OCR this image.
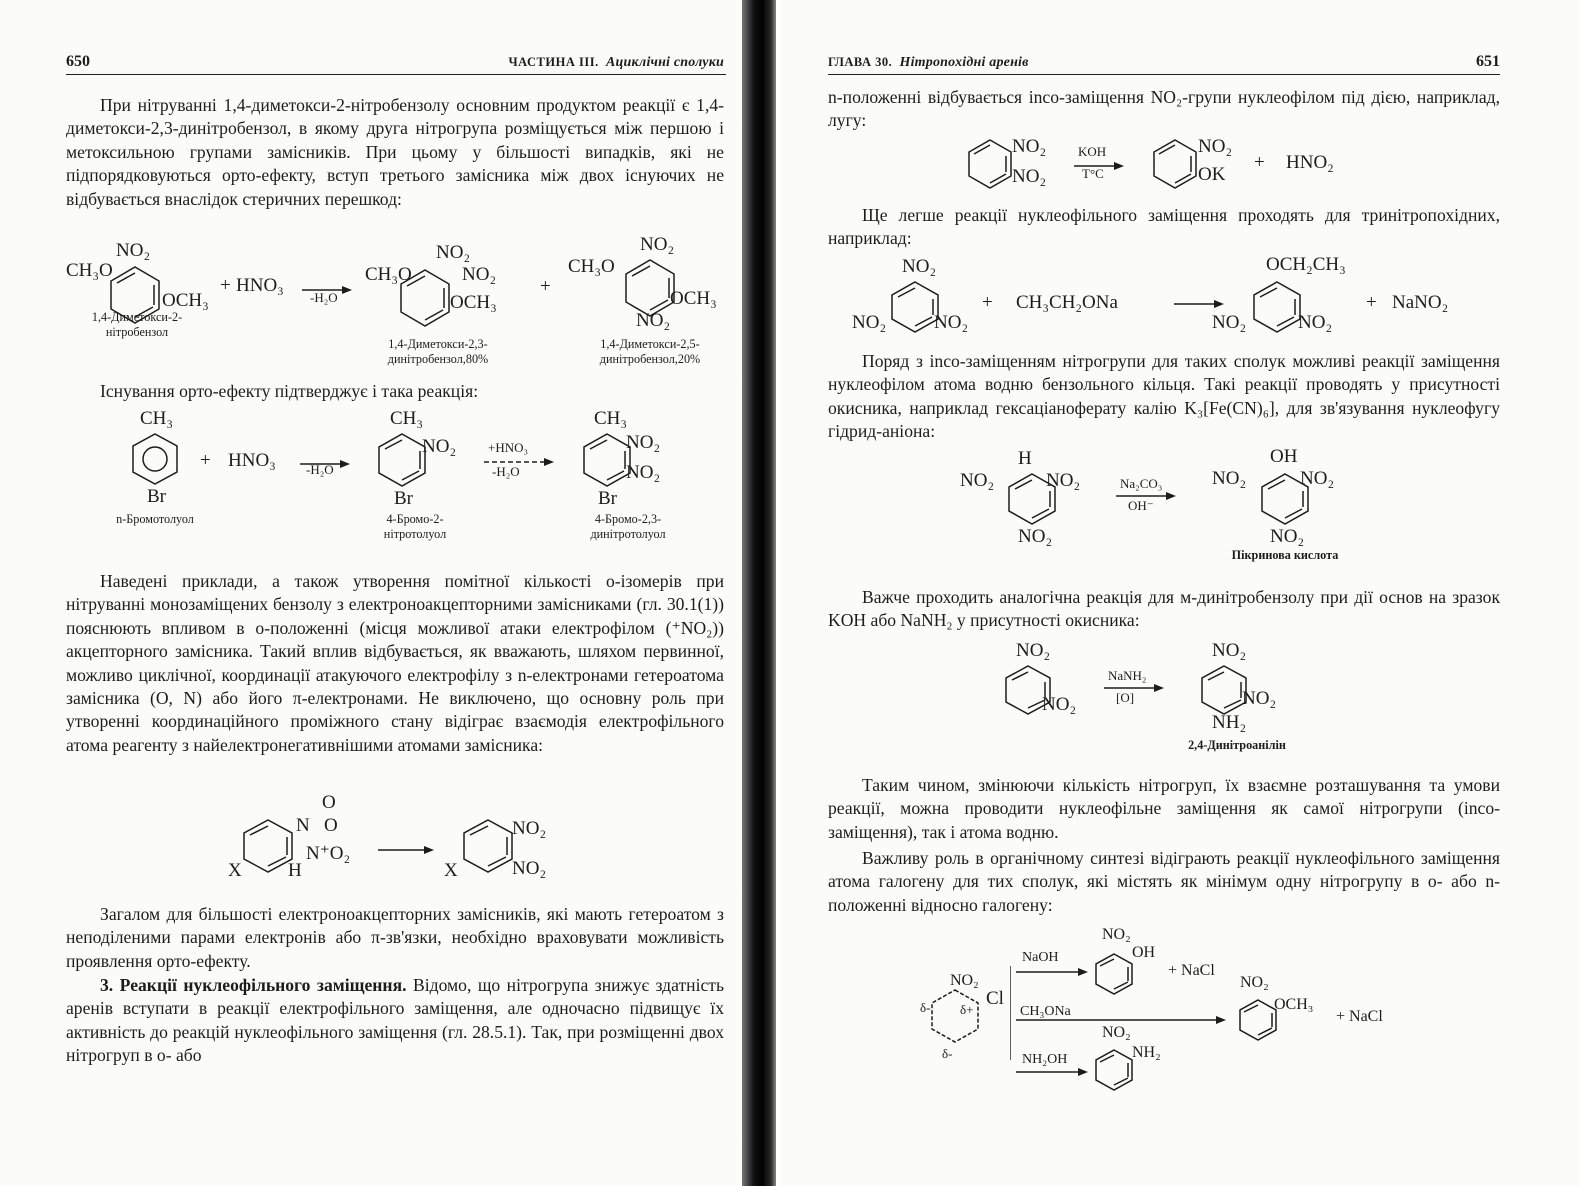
650	ЧАСТИНА III. Ациклічні сполуки

При нітруванні 1,4-диметокси-2-нітробензолу основним продуктом реакції є 1,4-диметокси-2,3-динітробензол, в якому друга нітрогрупа розміщується між першою і метоксильною групами замісників. При цьому у більшості випадків, які не підпорядковуються орто-ефекту, вступ третього замісника між двох існуючих не відбувається внаслідок стеричних перешкод:

NO₂
CH₃O
OCH₃
+ HNO₃ →
-H₂O
1,4-Диметокси-2-нітробензол
NO₂
NO₂
CH₃O
OCH₃
1,4-Диметокси-2,3-динітробензол,80%
+
NO₂
CH₃O
OCH₃
NO₂
1,4-Диметокси-2,5-динітробензол,20%

Існування орто-ефекту підтверджує і така реакція:

CH₃
Br
n-Бромотолуол
+ HNO₃ -H₂O
CH₃
NO₂
Br
4-Бромо-2-нітротолуол
+HNO₃
-H₂O
CH₃
NO₂
NO₂
Br
4-Бромо-2,3-динітротолуол

Наведені приклади, а також утворення помітної кількості o-ізомерів при нітруванні монозаміщених бензолу з електроноакцепторними замісниками (гл. 30.1(1)) пояснюють впливом в o-положенні (місця можливої атаки електрофілом (⁺NO₂)) акцепторного замісника. Такий вплив відбувається, як вважають, шляхом первинної, можливо циклічної, координації атакуючого електрофілу з n-електронами гетероатома замісника (O, N) або його π-електронами. Не виключено, що основну роль при утворенні координаційного проміжного стану відіграє взаємодія електрофільного атома реагенту з найелектронегативнішими атомами замісника:

O
N O
N⁺O₂
X H
NO₂
NO₂
X

Загалом для більшості електроноакцепторних замісників, які мають гетероатом з неподіленими парами електронів або π-зв'язки, необхідно враховувати можливість проявлення орто-ефекту.

3. Реакції нуклеофільного заміщення. Відомо, що нітрогрупа знижує здатність аренів вступати в реакції електрофільного заміщення, але одночасно підвищує їх активність до реакцій нуклеофільного заміщення (гл. 28.5.1). Так, при розміщенні двох нітрогруп в o- або

ГЛАВА 30. Нітропохідні аренів	651

n-положенні відбувається іnсо-заміщення NO₂-групи нуклеофілом під дією, наприклад, лугу:

NO₂
NO₂
KOH
T°C
NO₂
OK
+ HNO₂

Ще легше реакції нуклеофільного заміщення проходять для тринітропохідних, наприклад:

NO₂
NO₂	NO₂
+ CH₃CH₂ONa
OCH₂CH₃
NO₂	NO₂
+ NaNO₂

Поряд з іnсо-заміщенням нітрогрупи для таких сполук можливі реакції заміщення нуклеофілом атома водню бензольного кільця. Такі реакції проводять у присутності окисника, наприклад гексаціаноферату калію K₃[Fe(CN)₆], для зв'язування нуклеофугу гідрид-аніона:

H
NO₂	NO₂
NO₂
Na₂CO₃
OH⁻
OH
NO₂	NO₂
NO₂
Пікринова кислота

Важче проходить аналогічна реакція для м-динітробензолу при дії основ на зразок KOH або NaNH₂ у присутності окисника:

NO₂
NO₂
NaNH₂
[O]
NO₂
NO₂
NH₂
2,4-Динітроанілін

Таким чином, змінюючи кількість нітрогруп, їх взаємне розташування та умови реакції, можна проводити нуклеофільне заміщення як самої нітрогрупи (іnсо-заміщення), так і атома водню.

Важливу роль в органічному синтезі відіграють реакції нуклеофільного заміщення атома галогену для тих сполук, які містять як мінімум одну нітрогрупу в o- або n-положенні відносно галогену:

NO₂
Cl
δ- δ+
δ-
NaOH
NO₂
OH
+ NaCl
CH₃ONa
NO₂
OCH₃
+ NaCl
NH₂OH
NO₂
NH₂
